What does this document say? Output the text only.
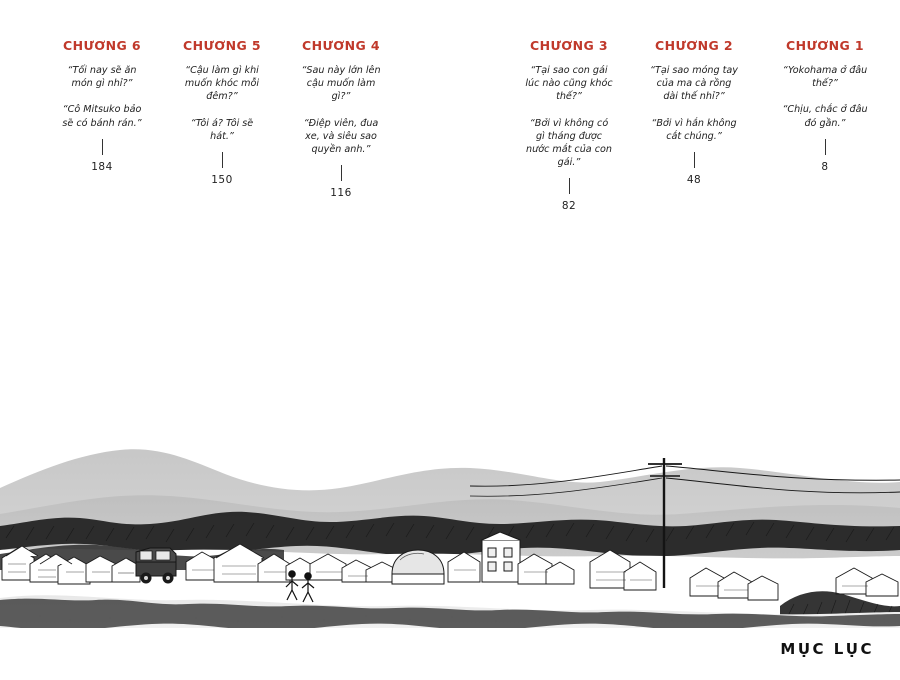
CHƯƠNG 6
“Tối nay sẽ ăn món gì nhỉ?”
“Cô Mitsuko bảo sẽ có bánh rán.”
184
CHƯƠNG 5
“Cậu làm gì khi muốn khóc mỗi đêm?”
“Tôi á? Tôi sẽ hát.”
150
CHƯƠNG 4
“Sau này lớn lên cậu muốn làm gì?”
“Điệp viên, đua xe, và siêu sao quyền anh.”
116
CHƯƠNG 3
“Tại sao con gái lúc nào cũng khóc thế?”
“Bởi vì không có gì tháng được nước mắt của con gái.”
82
CHƯƠNG 2
“Tại sao móng tay của ma cà rồng dài thế nhỉ?”
“Bởi vì hắn không cắt chúng.”
48
CHƯƠNG 1
“Yokohama ở đâu thế?”
“Chịu, chắc ở đâu đó gần.”
8
MỤC LỤC
